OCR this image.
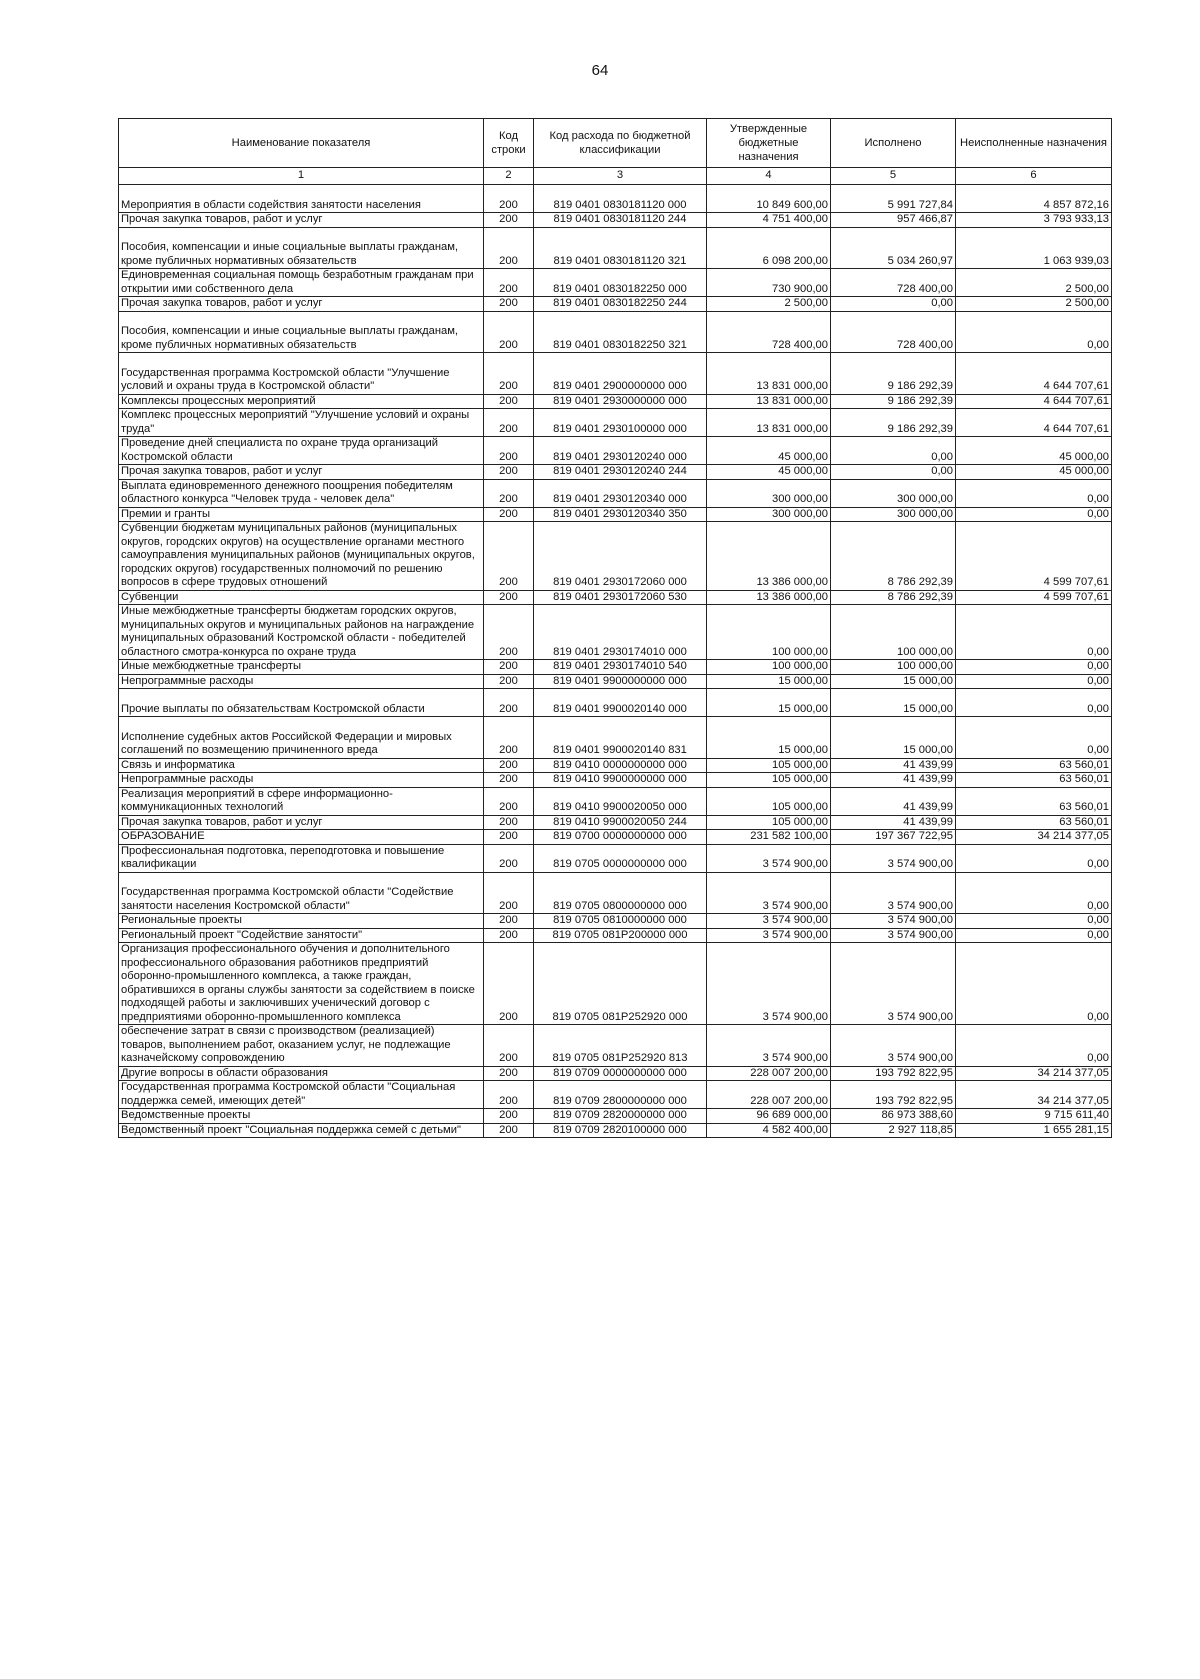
64
Наименование показателя	Код строки	Код расхода по бюджетной классификации	Утвержденные бюджетные назначения	Исполнено	Неисполненные назначения
1	2	3	4	5	6

Мероприятия в области содействия занятости населения	200	819 0401 0830181120 000	10 849 600,00	5 991 727,84	4 857 872,16
Прочая закупка товаров, работ и услуг	200	819 0401 0830181120 244	4 751 400,00	957 466,87	3 793 933,13

Пособия, компенсации и иные социальные выплаты гражданам, кроме публичных нормативных обязательств	200	819 0401 0830181120 321	6 098 200,00	5 034 260,97	1 063 939,03
Единовременная социальная помощь безработным гражданам при открытии ими собственного дела	200	819 0401 0830182250 000	730 900,00	728 400,00	2 500,00
Прочая закупка товаров, работ и услуг	200	819 0401 0830182250 244	2 500,00	0,00	2 500,00

Пособия, компенсации и иные социальные выплаты гражданам, кроме публичных нормативных обязательств	200	819 0401 0830182250 321	728 400,00	728 400,00	0,00

Государственная программа Костромской области "Улучшение условий и охраны труда в Костромской области"	200	819 0401 2900000000 000	13 831 000,00	9 186 292,39	4 644 707,61
Комплексы процессных мероприятий	200	819 0401 2930000000 000	13 831 000,00	9 186 292,39	4 644 707,61
Комплекс процессных мероприятий "Улучшение условий и охраны труда"	200	819 0401 2930100000 000	13 831 000,00	9 186 292,39	4 644 707,61
Проведение дней специалиста по охране труда организаций Костромской области	200	819 0401 2930120240 000	45 000,00	0,00	45 000,00
Прочая закупка товаров, работ и услуг	200	819 0401 2930120240 244	45 000,00	0,00	45 000,00
Выплата единовременного денежного поощрения победителям областного конкурса "Человек труда - человек дела"	200	819 0401 2930120340 000	300 000,00	300 000,00	0,00
Премии и гранты	200	819 0401 2930120340 350	300 000,00	300 000,00	0,00
Субвенции бюджетам муниципальных районов (муниципальных округов, городских округов) на осуществление органами местного самоуправления муниципальных районов (муниципальных округов, городских округов) государственных полномочий по решению вопросов в сфере трудовых отношений	200	819 0401 2930172060 000	13 386 000,00	8 786 292,39	4 599 707,61
Субвенции	200	819 0401 2930172060 530	13 386 000,00	8 786 292,39	4 599 707,61
Иные межбюджетные трансферты бюджетам городских округов, муниципальных округов и муниципальных районов на награждение муниципальных образований Костромской области - победителей областного смотра-конкурса по охране труда	200	819 0401 2930174010 000	100 000,00	100 000,00	0,00
Иные межбюджетные трансферты	200	819 0401 2930174010 540	100 000,00	100 000,00	0,00
Непрограммные расходы	200	819 0401 9900000000 000	15 000,00	15 000,00	0,00

Прочие выплаты по обязательствам Костромской области	200	819 0401 9900020140 000	15 000,00	15 000,00	0,00

Исполнение судебных актов Российской Федерации и мировых соглашений по возмещению причиненного вреда	200	819 0401 9900020140 831	15 000,00	15 000,00	0,00
Связь и информатика	200	819 0410 0000000000 000	105 000,00	41 439,99	63 560,01
Непрограммные расходы	200	819 0410 9900000000 000	105 000,00	41 439,99	63 560,01
Реализация мероприятий в сфере информационно-коммуникационных технологий	200	819 0410 9900020050 000	105 000,00	41 439,99	63 560,01
Прочая закупка товаров, работ и услуг	200	819 0410 9900020050 244	105 000,00	41 439,99	63 560,01
ОБРАЗОВАНИЕ	200	819 0700 0000000000 000	231 582 100,00	197 367 722,95	34 214 377,05
Профессиональная подготовка, переподготовка и повышение квалификации	200	819 0705 0000000000 000	3 574 900,00	3 574 900,00	0,00

Государственная программа Костромской области "Содействие занятости населения Костромской области"	200	819 0705 0800000000 000	3 574 900,00	3 574 900,00	0,00
Региональные проекты	200	819 0705 0810000000 000	3 574 900,00	3 574 900,00	0,00
Региональный проект "Содействие занятости"	200	819 0705 081P200000 000	3 574 900,00	3 574 900,00	0,00
Организация профессионального обучения и дополнительного профессионального образования работников предприятий оборонно-промышленного комплекса, а также граждан, обратившихся в органы службы занятости за содействием в поиске подходящей работы и заключивших ученический договор с предприятиями оборонно-промышленного комплекса	200	819 0705 081P252920 000	3 574 900,00	3 574 900,00	0,00
обеспечение затрат в связи с производством (реализацией) товаров, выполнением работ, оказанием услуг, не подлежащие казначейскому сопровождению	200	819 0705 081P252920 813	3 574 900,00	3 574 900,00	0,00
Другие вопросы в области образования	200	819 0709 0000000000 000	228 007 200,00	193 792 822,95	34 214 377,05
Государственная программа Костромской области "Социальная поддержка семей, имеющих детей"	200	819 0709 2800000000 000	228 007 200,00	193 792 822,95	34 214 377,05
Ведомственные проекты	200	819 0709 2820000000 000	96 689 000,00	86 973 388,60	9 715 611,40
Ведомственный проект "Социальная поддержка семей с детьми"	200	819 0709 2820100000 000	4 582 400,00	2 927 118,85	1 655 281,15
